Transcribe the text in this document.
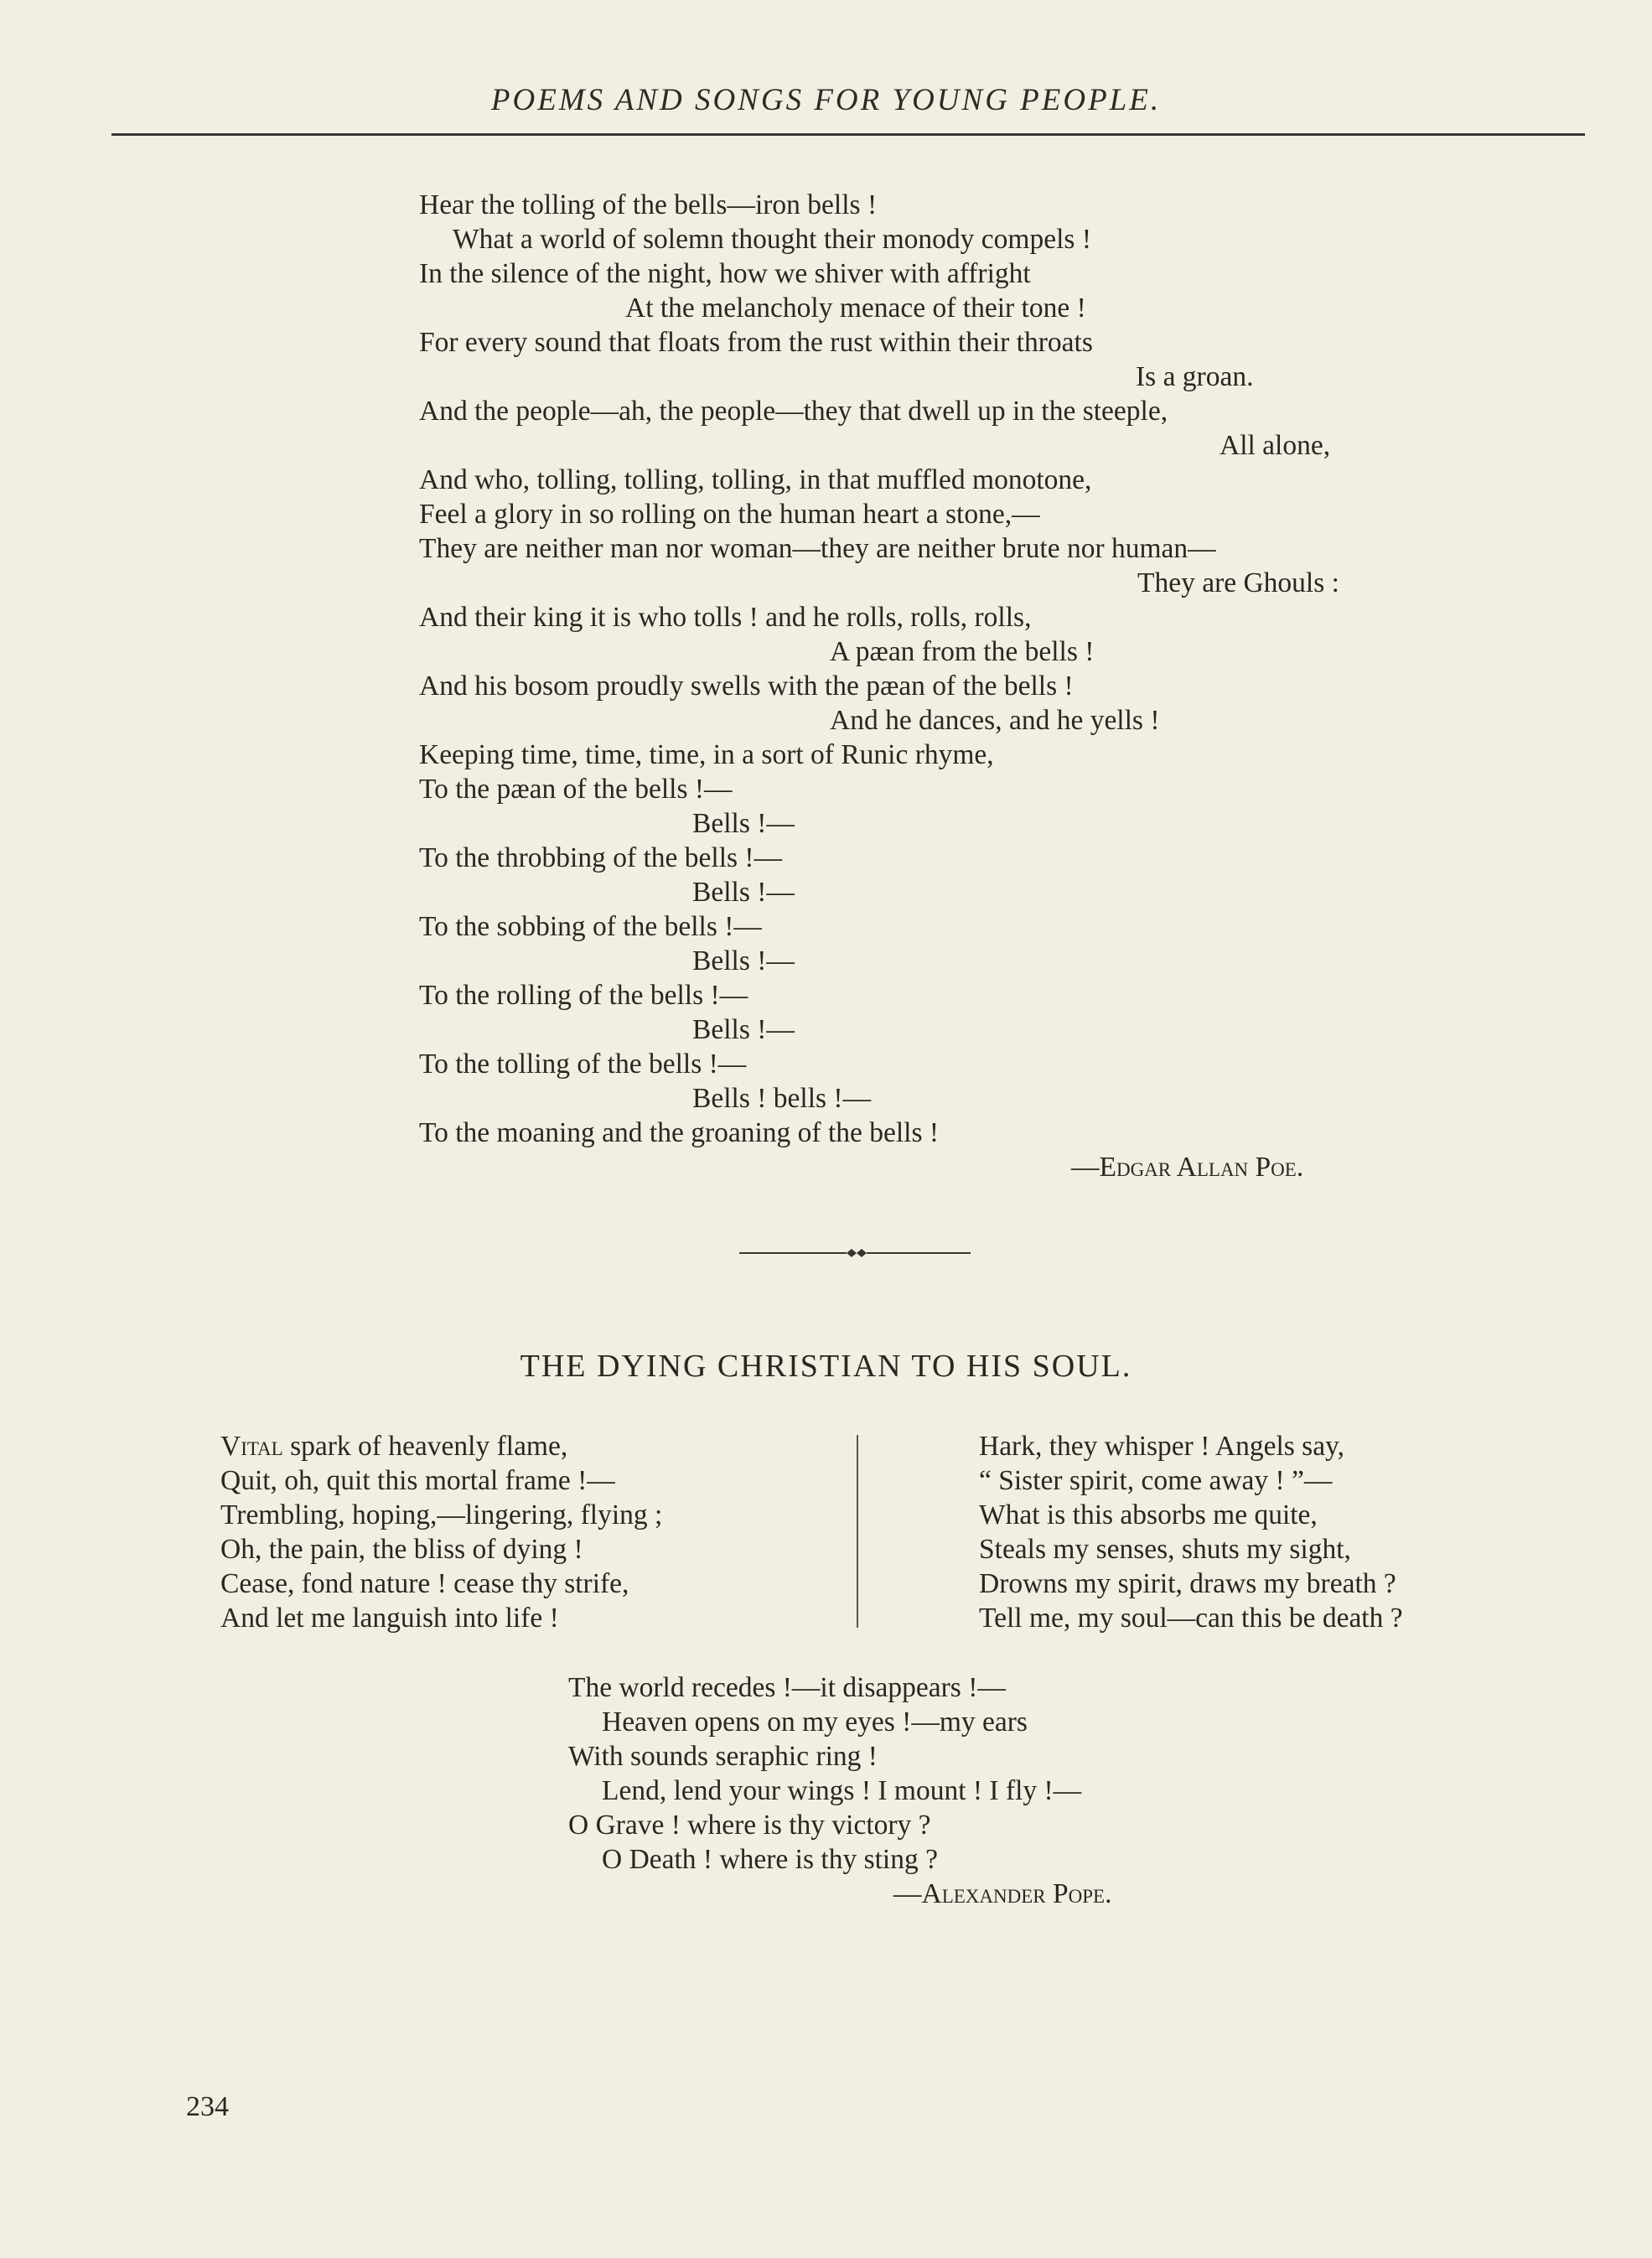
POEMS AND SONGS FOR YOUNG PEOPLE.
Hear the tolling of the bells—iron bells !
What a world of solemn thought their monody compels !
In the silence of the night, how we shiver with affright
At the melancholy menace of their tone !
For every sound that floats from the rust within their throats
Is a groan.
And the people—ah, the people—they that dwell up in the steeple,
All alone,
And who, tolling, tolling, tolling, in that muffled monotone,
Feel a glory in so rolling on the human heart a stone,—
They are neither man nor woman—they are neither brute nor human—
They are Ghouls :
And their king it is who tolls ! and he rolls, rolls, rolls,
A pæan from the bells !
And his bosom proudly swells with the pæan of the bells !
And he dances, and he yells !
Keeping time, time, time, in a sort of Runic rhyme,
To the pæan of the bells !—
Bells !—
To the throbbing of the bells !—
Bells !—
To the sobbing of the bells !—
Bells !—
To the rolling of the bells !—
Bells !—
To the tolling of the bells !—
Bells ! bells !—
To the moaning and the groaning of the bells !
—Edgar Allan Poe.
THE DYING CHRISTIAN TO HIS SOUL.
Vital spark of heavenly flame,
Quit, oh, quit this mortal frame !—
Trembling, hoping,—lingering, flying ;
Oh, the pain, the bliss of dying !
Cease, fond nature ! cease thy strife,
And let me languish into life !
Hark, they whisper ! Angels say,
“ Sister spirit, come away ! ”—
What is this absorbs me quite,
Steals my senses, shuts my sight,
Drowns my spirit, draws my breath ?
Tell me, my soul—can this be death ?
The world recedes !—it disappears !—
Heaven opens on my eyes !—my ears
With sounds seraphic ring !
Lend, lend your wings ! I mount ! I fly !—
O Grave ! where is thy victory ?
O Death ! where is thy sting ?
—Alexander Pope.
234
